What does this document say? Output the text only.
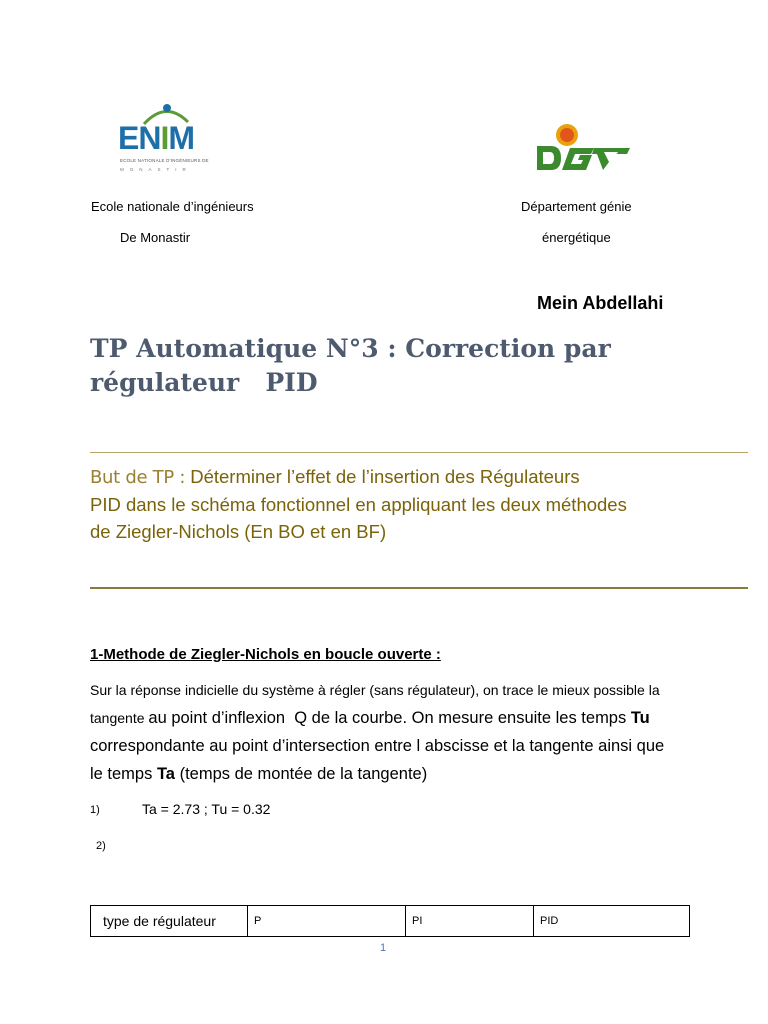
ENIM
ECOLE NATIONALE D'INGÉNIEURS DE
MONASTIR
Ecole nationale d’ingénieurs
De Monastir
Département génie
énergétique
Mein Abdellahi
TP Automatique N°3 : Correction par
régulateur   PID
But de TP : Déterminer l’effet de l’insertion des Régulateurs
PID dans le schéma fonctionnel en appliquant les deux méthodes
de Ziegler-Nichols (En BO et en BF)
1-Methode de Ziegler-Nichols en boucle ouverte :
Sur la réponse indicielle du système à régler (sans régulateur), on trace le mieux possible la
tangente au point d’inflexion  Q de la courbe. On mesure ensuite les temps Tu
correspondante au point d’intersection entre l abscisse et la tangente ainsi que
le temps Ta (temps de montée de la tangente)
1)	Ta = 2.73 ; Tu = 0.32
2)
type de régulateur	P	PI	PID
1
